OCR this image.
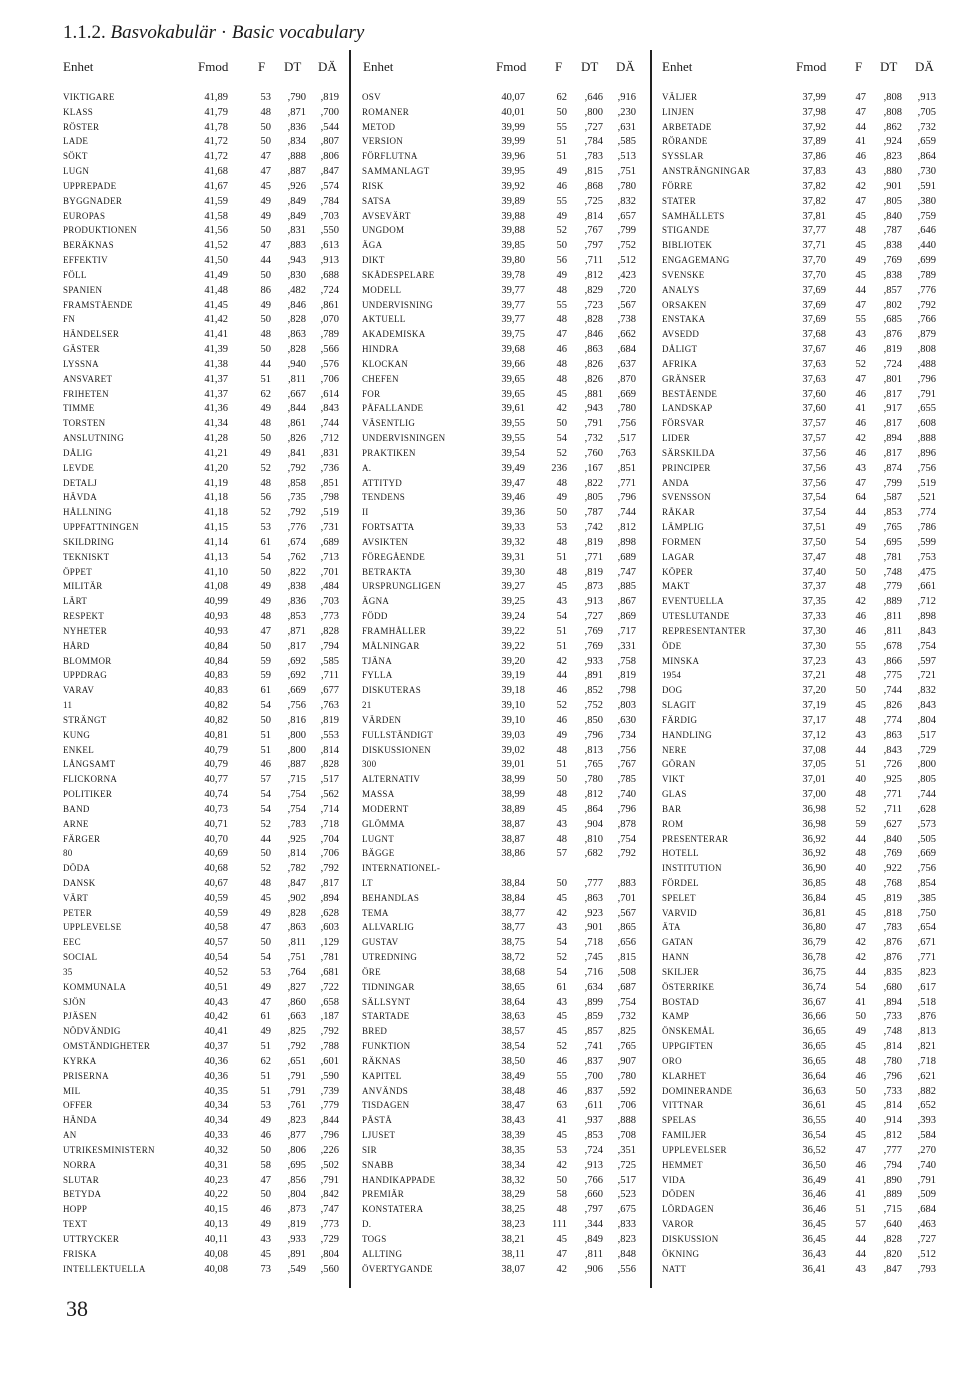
1.1.2. Basvokabulär · Basic vocabulary
Enhet	Fmod F DT DÄ
VIKTIGARE	41,89	53 ,790 ,819
KLASS	41,79	48 ,871 ,700
RÖSTER	41,78	50 ,836 ,544
LADE	41,72	50 ,834 ,807
SÖKT	41,72	47 ,888 ,806
LUGN	41,68	47 ,887 ,847
UPPREPADE	41,67	45 ,926 ,574
BYGGNADER	41,59	49 ,849 ,784
EUROPAS	41,58	49 ,849 ,703
PRODUKTIONEN	41,56	50 ,831 ,550
BERÄKNAS	41,52	47 ,883 ,613
EFFEKTIV	41,50	44 ,943 ,913
FÖLL	41,49	50 ,830 ,688
SPANIEN	41,48	86 ,482 ,724
FRAMSTÅENDE	41,45	49 ,846 ,861
FN	41,42	50 ,828 ,070
HÄNDELSER	41,41	48 ,863 ,789
GÄSTER	41,39	50 ,828 ,566
LYSSNA	41,38	44 ,940 ,576
ANSVARET	41,37	51 ,811 ,706
FRIHETEN	41,37	62 ,667 ,614
TIMME	41,36	49 ,844 ,843
TORSTEN	41,34	48 ,861 ,744
ANSLUTNING	41,28	50 ,826 ,712
DÅLIG	41,21	49 ,841 ,831
LEVDE	41,20	52 ,792 ,736
DETALJ	41,19	48 ,858 ,851
HÄVDA	41,18	56 ,735 ,798
HÅLLNING	41,18	52 ,792 ,519
UPPFATTNINGEN	41,15	53 ,776 ,731
SKILDRING	41,14	61 ,674 ,689
TEKNISKT	41,13	54 ,762 ,713
ÖPPET	41,10	50 ,822 ,701
MILITÄR	41,08	49 ,838 ,484
LÄRT	40,99	49 ,836 ,703
RESPEKT	40,93	48 ,853 ,773
NYHETER	40,93	47 ,871 ,828
HÅRD	40,84	50 ,817 ,794
BLOMMOR	40,84	59 ,692 ,585
UPPDRAG	40,83	59 ,692 ,711
VARAV	40,83	61 ,669 ,677
11	40,82	54 ,756 ,763
STRÄNGT	40,82	50 ,816 ,819
KUNG	40,81	51 ,800 ,553
ENKEL	40,79	51 ,800 ,814
LÅNGSAMT	40,79	46 ,887 ,828
FLICKORNA	40,77	57 ,715 ,517
POLITIKER	40,74	54 ,754 ,562
BAND	40,73	54 ,754 ,714
ARNE	40,71	52 ,783 ,718
FÄRGER	40,70	44 ,925 ,704
80	40,69	50 ,814 ,706
DÖDA	40,68	52 ,782 ,792
DANSK	40,67	48 ,847 ,817
VÄRT	40,59	45 ,902 ,894
PETER	40,59	49 ,828 ,628
UPPLEVELSE	40,58	47 ,863 ,603
EEC	40,57	50 ,811 ,129
SOCIAL	40,54	54 ,751 ,781
35	40,52	53 ,764 ,681
KOMMUNALA	40,51	49 ,827 ,722
SJÖN	40,43	47 ,860 ,658
PJÄSEN	40,42	61 ,663 ,187
NÖDVÄNDIG	40,41	49 ,825 ,792
OMSTÄNDIGHETER	40,37	51 ,792 ,788
KYRKA	40,36	62 ,651 ,601
PRISERNA	40,36	51 ,791 ,590
MIL	40,35	51 ,791 ,739
OFFER	40,34	53 ,761 ,779
HÄNDA	40,34	49 ,823 ,844
AN	40,33	46 ,877 ,796
UTRIKESMINISTERN	40,32	50 ,806 ,226
NORRA	40,31	58 ,695 ,502
SLUTAR	40,23	47 ,856 ,791
BETYDA	40,22	50 ,804 ,842
HOPP	40,15	46 ,873 ,747
TEXT	40,13	49 ,819 ,773
UTTRYCKER	40,11	43 ,933 ,729
FRISKA	40,08	45 ,891 ,804
INTELLEKTUELLA	40,08	73 ,549 ,560
Enhet	Fmod F DT DÄ
OSV	40,07	62 ,646 ,916
ROMANER	40,01	50 ,800 ,230
METOD	39,99	55 ,727 ,631
VERSION	39,99	51 ,784 ,585
FÖRFLUTNA	39,96	51 ,783 ,513
SAMMANLAGT	39,95	49 ,815 ,751
RISK	39,92	46 ,868 ,780
SATSA	39,89	55 ,725 ,832
AVSEVÄRT	39,88	49 ,814 ,657
UNGDOM	39,88	52 ,767 ,799
ÄGA	39,85	50 ,797 ,752
DIKT	39,80	56 ,711 ,512
SKÅDESPELARE	39,78	49 ,812 ,423
MODELL	39,77	48 ,829 ,720
UNDERVISNING	39,77	55 ,723 ,567
AKTUELL	39,77	48 ,828 ,738
AKADEMISKA	39,75	47 ,846 ,662
HINDRA	39,68	46 ,863 ,684
KLOCKAN	39,66	48 ,826 ,637
CHEFEN	39,65	48 ,826 ,870
FOR	39,65	45 ,881 ,669
PÅFALLANDE	39,61	42 ,943 ,780
VÄSENTLIG	39,55	50 ,791 ,756
UNDERVISNINGEN	39,55	54 ,732 ,517
PRAKTIKEN	39,54	52 ,760 ,763
A.	39,49	236 ,167 ,851
ATTITYD	39,47	48 ,822 ,771
TENDENS	39,46	49 ,805 ,796
II	39,36	50 ,787 ,744
FORTSATTA	39,33	53 ,742 ,812
AVSIKTEN	39,32	48 ,819 ,898
FÖREGÅENDE	39,31	51 ,771 ,689
BETRAKTA	39,30	48 ,819 ,747
URSPRUNGLIGEN	39,27	45 ,873 ,885
ÄGNA	39,25	43 ,913 ,867
FÖDD	39,24	54 ,727 ,869
FRAMHÅLLER	39,22	51 ,769 ,717
MÅLNINGAR	39,22	51 ,769 ,331
TJÄNA	39,20	42 ,933 ,758
FYLLA	39,19	44 ,891 ,819
DISKUTERAS	39,18	46 ,852 ,798
21	39,10	52 ,752 ,803
VÄRDEN	39,10	46 ,850 ,630
FULLSTÄNDIGT	39,03	49 ,796 ,734
DISKUSSIONEN	39,02	48 ,813 ,756
300	39,01	51 ,765 ,767
ALTERNATIV	38,99	50 ,780 ,785
MASSA	38,99	48 ,812 ,740
MODERNT	38,89	45 ,864 ,796
GLÖMMA	38,87	43 ,904 ,878
LUGNT	38,87	48 ,810 ,754
BÄGGE	38,86	57 ,682 ,792
INTERNATIONEL-
LT	38,84	50 ,777 ,883
BEHANDLAS	38,84	45 ,863 ,701
TEMA	38,77	42 ,923 ,567
ALLVARLIG	38,77	43 ,901 ,865
GUSTAV	38,75	54 ,718 ,656
UTREDNING	38,72	52 ,745 ,815
ÖRE	38,68	54 ,716 ,508
TIDNINGAR	38,65	61 ,634 ,687
SÄLLSYNT	38,64	43 ,899 ,754
STARTADE	38,63	45 ,859 ,732
BRED	38,57	45 ,857 ,825
FUNKTION	38,54	52 ,741 ,765
RÄKNAS	38,50	46 ,837 ,907
KAPITEL	38,49	55 ,700 ,780
ANVÄNDS	38,48	46 ,837 ,592
TISDAGEN	38,47	63 ,611 ,706
PÅSTÅ	38,43	41 ,937 ,888
LJUSET	38,39	45 ,853 ,708
SIR	38,35	53 ,724 ,351
SNABB	38,34	42 ,913 ,725
HANDIKAPPADE	38,32	50 ,766 ,517
PREMIÄR	38,29	58 ,660 ,523
KONSTATERA	38,25	48 ,797 ,675
D.	38,23	111 ,344 ,833
TOGS	38,21	45 ,849 ,823
ALLTING	38,11	47 ,811 ,848
ÖVERTYGANDE	38,07	42 ,906 ,556
Enhet	Fmod F DT DÄ
VÄLJER	37,99	47 ,808 ,913
LINJEN	37,98	47 ,808 ,705
ARBETADE	37,92	44 ,862 ,732
RÖRANDE	37,89	41 ,924 ,659
SYSSLAR	37,86	46 ,823 ,864
ANSTRÄNGNINGAR	37,83	43 ,880 ,730
FÖRRE	37,82	42 ,901 ,591
STATER	37,82	47 ,805 ,380
SAMHÄLLETS	37,81	45 ,840 ,759
STIGANDE	37,77	48 ,787 ,646
BIBLIOTEK	37,71	45 ,838 ,440
ENGAGEMANG	37,70	49 ,769 ,699
SVENSKE	37,70	45 ,838 ,789
ANALYS	37,69	44 ,857 ,776
ORSAKEN	37,69	47 ,802 ,792
ENSTAKA	37,69	55 ,685 ,766
AVSEDD	37,68	43 ,876 ,879
DÅLIGT	37,67	46 ,819 ,808
AFRIKA	37,63	52 ,724 ,488
GRÄNSER	37,63	47 ,801 ,796
BESTÅENDE	37,60	46 ,817 ,791
LANDSKAP	37,60	41 ,917 ,655
FÖRSVAR	37,57	46 ,817 ,608
LIDER	37,57	42 ,894 ,888
SÄRSKILDA	37,56	46 ,817 ,896
PRINCIPER	37,56	43 ,874 ,756
ANDA	37,56	47 ,799 ,519
SVENSSON	37,54	64 ,587 ,521
RÅKAR	37,54	44 ,853 ,774
LÄMPLIG	37,51	49 ,765 ,786
FORMEN	37,50	54 ,695 ,599
LAGAR	37,47	48 ,781 ,753
KÖPER	37,40	50 ,748 ,475
MAKT	37,37	48 ,779 ,661
EVENTUELLA	37,35	42 ,889 ,712
UTESLUTANDE	37,33	46 ,811 ,898
REPRESENTANTER	37,30	46 ,811 ,843
ÖDE	37,30	55 ,678 ,754
MINSKA	37,23	43 ,866 ,597
1954	37,21	48 ,775 ,721
DOG	37,20	50 ,744 ,832
SLAGIT	37,19	45 ,826 ,843
FÄRDIG	37,17	48 ,774 ,804
HANDLING	37,12	43 ,863 ,517
NERE	37,08	44 ,843 ,729
GÖRAN	37,05	51 ,726 ,800
VIKT	37,01	40 ,925 ,805
GLAS	37,00	48 ,771 ,744
BAR	36,98	52 ,711 ,628
ROM	36,98	59 ,627 ,573
PRESENTERAR	36,92	44 ,840 ,505
HOTELL	36,92	48 ,769 ,669
INSTITUTION	36,90	40 ,922 ,756
FÖRDEL	36,85	48 ,768 ,854
SPELET	36,84	45 ,819 ,385
VARVID	36,81	45 ,818 ,750
ÄTA	36,80	47 ,783 ,654
GATAN	36,79	42 ,876 ,671
HANN	36,78	42 ,876 ,771
SKILJER	36,75	44 ,835 ,823
ÖSTERRIKE	36,74	54 ,680 ,617
BOSTAD	36,67	41 ,894 ,518
KAMP	36,66	50 ,733 ,876
ÖNSKEMÅL	36,65	49 ,748 ,813
UPPGIFTEN	36,65	45 ,814 ,821
ORO	36,65	48 ,780 ,718
KLARHET	36,64	46 ,796 ,621
DOMINERANDE	36,63	50 ,733 ,882
VITTNAR	36,61	45 ,814 ,652
SPELAS	36,55	40 ,914 ,393
FAMILJER	36,54	45 ,812 ,584
UPPLEVELSER	36,52	47 ,777 ,270
HEMMET	36,50	46 ,794 ,740
VIDA	36,49	41 ,890 ,791
DÖDEN	36,46	41 ,889 ,509
LÖRDAGEN	36,46	51 ,715 ,684
VAROR	36,45	57 ,640 ,463
DISKUSSION	36,45	44 ,828 ,727
ÖKNING	36,43	44 ,820 ,512
NATT	36,41	43 ,847 ,793
38
